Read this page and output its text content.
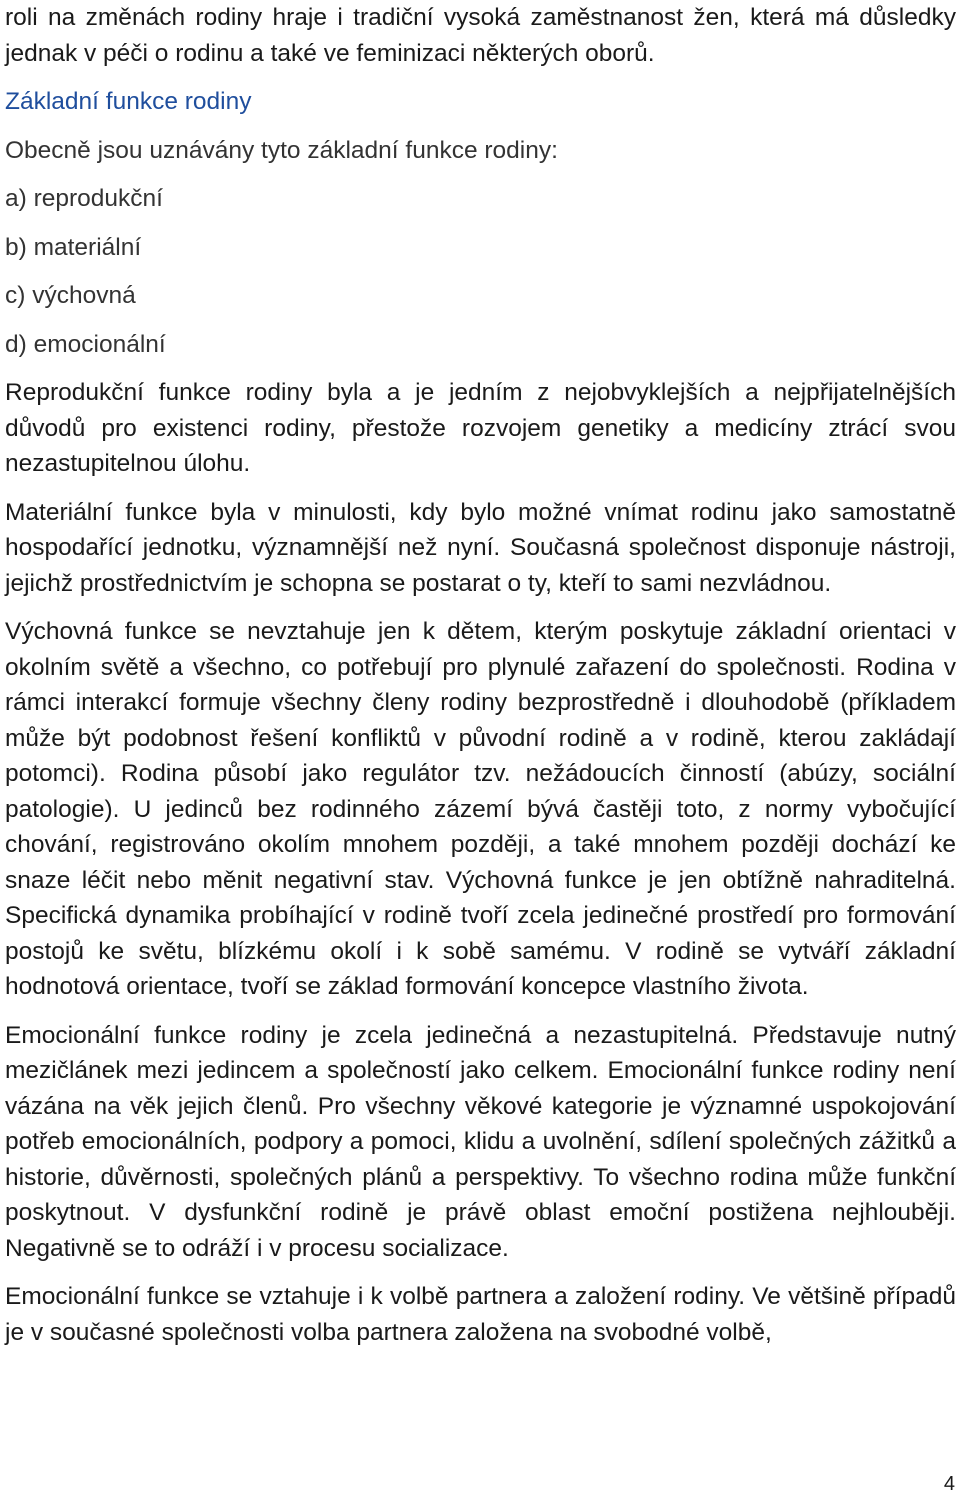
roli na změnách rodiny hraje i tradiční vysoká zaměstnanost žen, která má důsledky jednak v péči o rodinu a také ve feminizaci některých oborů.

Základní funkce rodiny

Obecně jsou uznávány tyto základní funkce rodiny:

a) reprodukční

b) materiální

c) výchovná

d) emocionální

Reprodukční funkce rodiny byla a je jedním z nejobvyklejších a nejpřijatelnějších důvodů pro existenci rodiny, přestože rozvojem genetiky a medicíny ztrácí svou nezastupitelnou úlohu.

Materiální funkce byla v minulosti, kdy bylo možné vnímat rodinu jako samostatně hospodařící jednotku, významnější než nyní. Současná společnost disponuje nástroji, jejichž prostřednictvím je schopna se postarat o ty, kteří to sami nezvládnou.

Výchovná funkce se nevztahuje jen k dětem, kterým poskytuje základní orientaci v okolním světě a všechno, co potřebují pro plynulé zařazení do společnosti. Rodina v rámci interakcí formuje všechny členy rodiny bezprostředně i dlouhodobě (příkladem může být podobnost řešení konfliktů v původní rodině a v rodině, kterou zakládají potomci). Rodina působí jako regulátor tzv. nežádoucích činností (abúzy, sociální patologie). U jedinců bez rodinného zázemí bývá častěji toto, z normy vybočující chování, registrováno okolím mnohem později, a také mnohem později dochází ke snaze léčit nebo měnit negativní stav. Výchovná funkce je jen obtížně nahraditelná. Specifická dynamika probíhající v rodině tvoří zcela jedinečné prostředí pro formování postojů ke světu, blízkému okolí i k sobě samému. V rodině se vytváří základní hodnotová orientace, tvoří se základ formování koncepce vlastního života.

Emocionální funkce rodiny je zcela jedinečná a nezastupitelná. Představuje nutný mezičlánek mezi jedincem a společností jako celkem. Emocionální funkce rodiny není vázána na věk jejich členů. Pro všechny věkové kategorie je významné uspokojování potřeb emocionálních, podpory a pomoci, klidu a uvolnění, sdílení společných zážitků a historie, důvěrnosti, společných plánů a perspektivy. To všechno rodina může funkční poskytnout. V dysfunkční rodině je právě oblast emoční postižena nejhlouběji. Negativně se to odráží i v procesu socializace.

Emocionální funkce se vztahuje i k volbě partnera a založení rodiny. Ve většině případů je v současné společnosti volba partnera založena na svobodné volbě,

4
